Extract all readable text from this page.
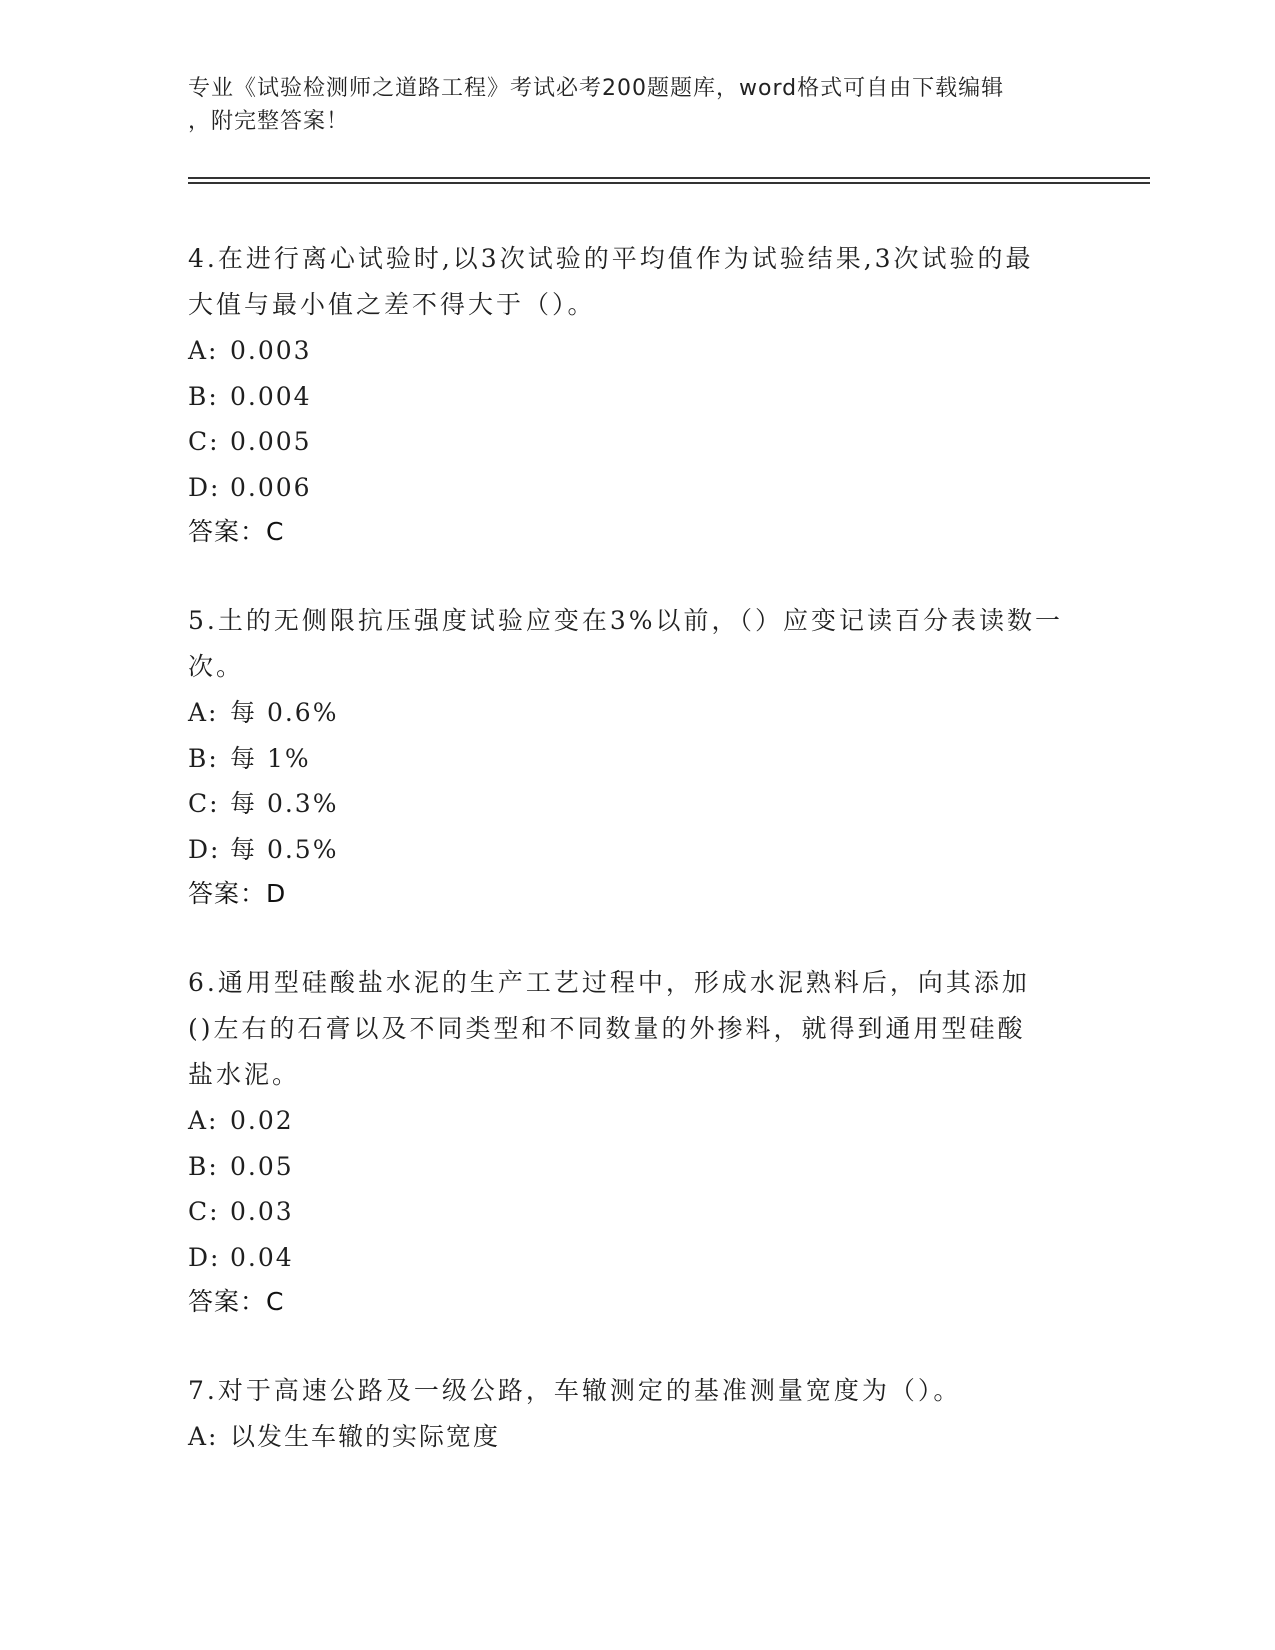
专业《试验检测师之道路工程》考试必考200题题库，word格式可自由下载编辑
，附完整答案！
4.在进行离心试验时,以3次试验的平均值作为试验结果,3次试验的最
大值与最小值之差不得大于（）。
A: 0.003
B: 0.004
C: 0.005
D: 0.006
答案：C
5.土的无侧限抗压强度试验应变在3%以前，（）应变记读百分表读数一
次。
A: 每 0.6%
B: 每 1%
C: 每 0.3%
D: 每 0.5%
答案：D
6.通用型硅酸盐水泥的生产工艺过程中，形成水泥熟料后，向其添加
()左右的石膏以及不同类型和不同数量的外掺料，就得到通用型硅酸
盐水泥。
A: 0.02
B: 0.05
C: 0.03
D: 0.04
答案：C
7.对于高速公路及一级公路，车辙测定的基准测量宽度为（）。
A: 以发生车辙的实际宽度
